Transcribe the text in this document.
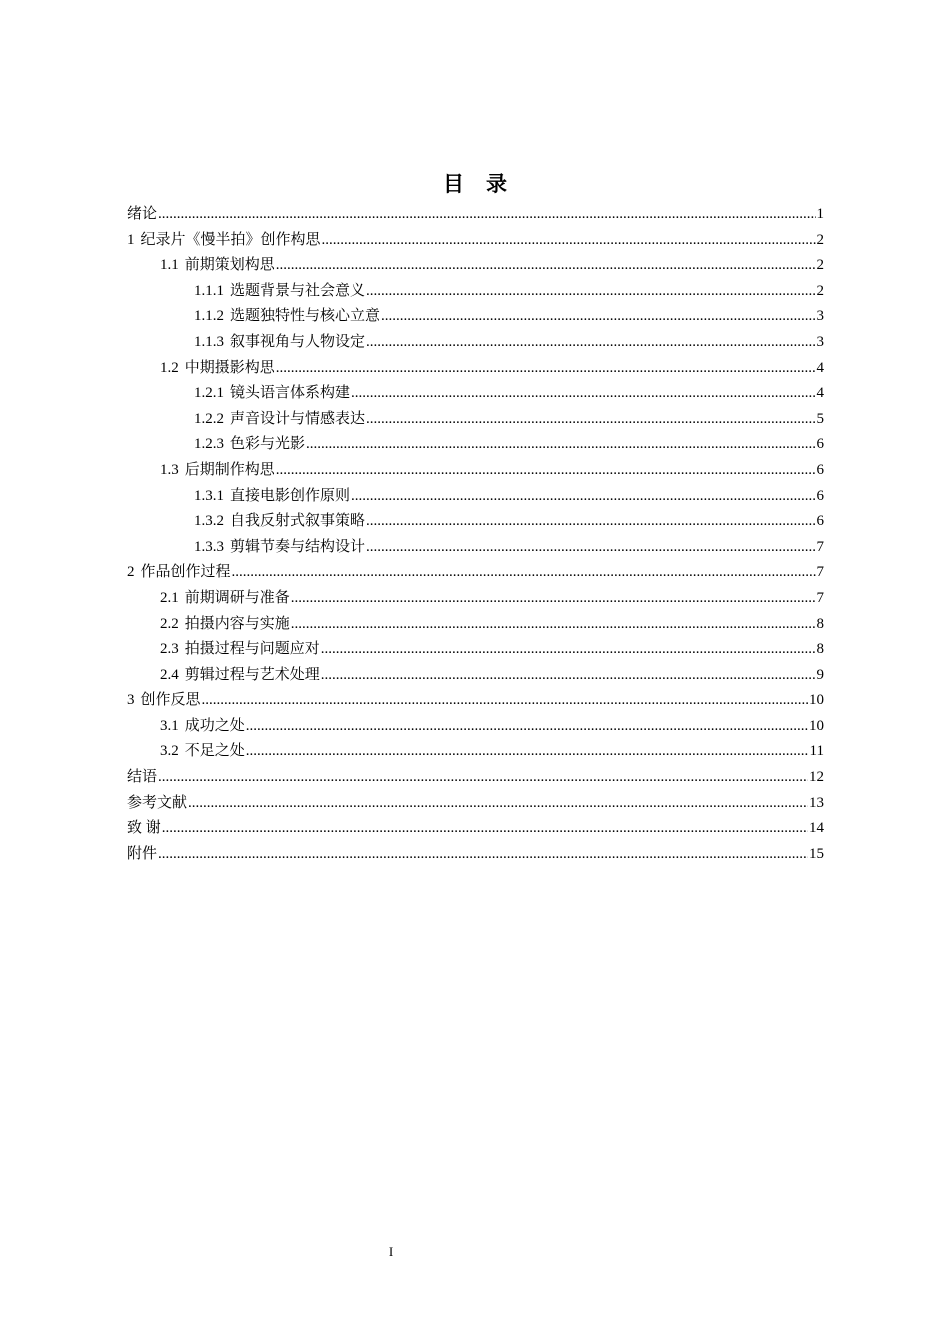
目录
绪论 .....	1
1 纪录片《慢半拍》创作构思 .....	2
1.1 前期策划构思 .....	2
1.1.1 选题背景与社会意义 .....	2
1.1.2 选题独特性与核心立意 .....	3
1.1.3 叙事视角与人物设定 .....	3
1.2 中期摄影构思 .....	4
1.2.1 镜头语言体系构建 .....	4
1.2.2 声音设计与情感表达 .....	5
1.2.3 色彩与光影 .....	6
1.3 后期制作构思 .....	6
1.3.1 直接电影创作原则 .....	6
1.3.2 自我反射式叙事策略 .....	6
1.3.3 剪辑节奏与结构设计 .....	7
2 作品创作过程 .....	7
2.1 前期调研与准备 .....	7
2.2 拍摄内容与实施 .....	8
2.3 拍摄过程与问题应对 .....	8
2.4 剪辑过程与艺术处理 .....	9
3 创作反思 .....	10
3.1 成功之处 .....	10
3.2 不足之处 .....	11
结语 .....	12
参考文献 .....	13
致 谢 .....	14
附件 .....	15
I
